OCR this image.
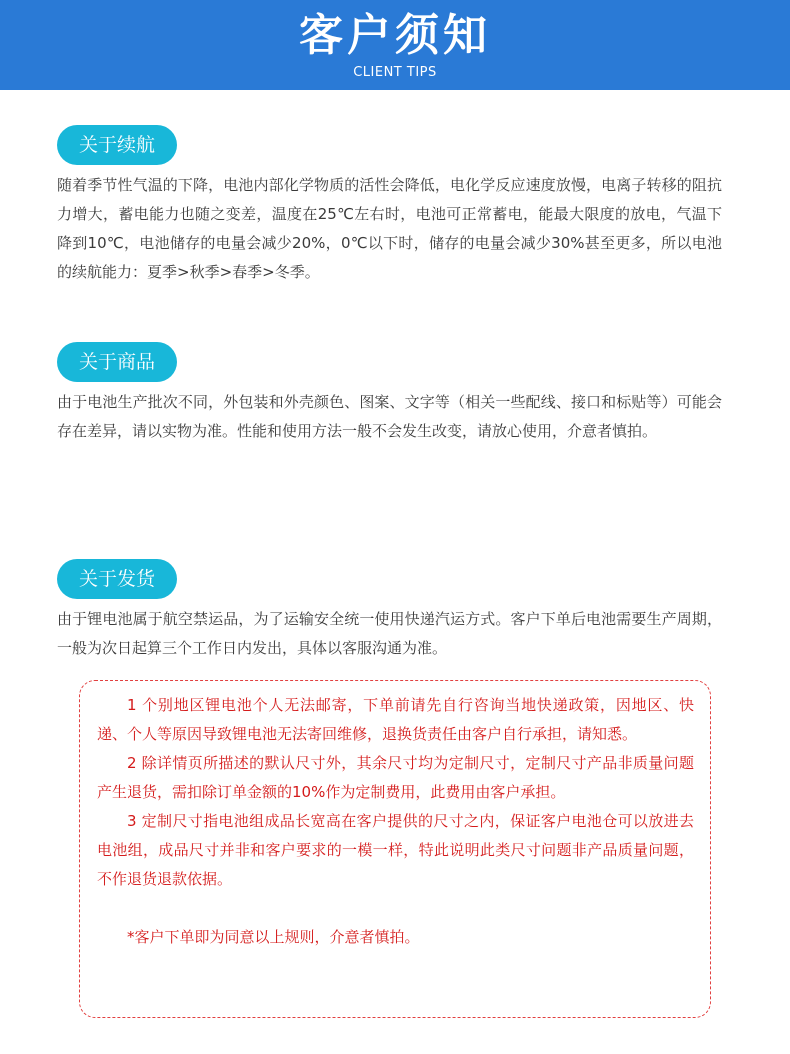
客户须知
CLIENT TIPS
关于续航
随着季节性气温的下降，电池内部化学物质的活性会降低，电化学反应速度放慢，电离子转移的阻抗力增大，蓄电能力也随之变差，温度在25℃左右时，电池可正常蓄电，能最大限度的放电，气温下降到10℃，电池储存的电量会减少20%，0℃以下时，储存的电量会减少30%甚至更多，所以电池的续航能力：夏季>秋季>春季>冬季。
关于商品
由于电池生产批次不同，外包装和外壳颜色、图案、文字等（相关一些配线、接口和标贴等）可能会存在差异，请以实物为准。性能和使用方法一般不会发生改变，请放心使用，介意者慎拍。
关于发货
由于锂电池属于航空禁运品，为了运输安全统一使用快递汽运方式。客户下单后电池需要生产周期，一般为次日起算三个工作日内发出，具体以客服沟通为准。

1 个别地区锂电池个人无法邮寄，下单前请先自行咨询当地快递政策，因地区、快递、个人等原因导致锂电池无法寄回维修，退换货责任由客户自行承担，请知悉。

2 除详情页所描述的默认尺寸外，其余尺寸均为定制尺寸，定制尺寸产品非质量问题产生退货，需扣除订单金额的10%作为定制费用，此费用由客户承担。

3 定制尺寸指电池组成品长宽高在客户提供的尺寸之内，保证客户电池仓可以放进去电池组，成品尺寸并非和客户要求的一模一样，特此说明此类尺寸问题非产品质量问题，不作退货退款依据。

*客户下单即为同意以上规则，介意者慎拍。
